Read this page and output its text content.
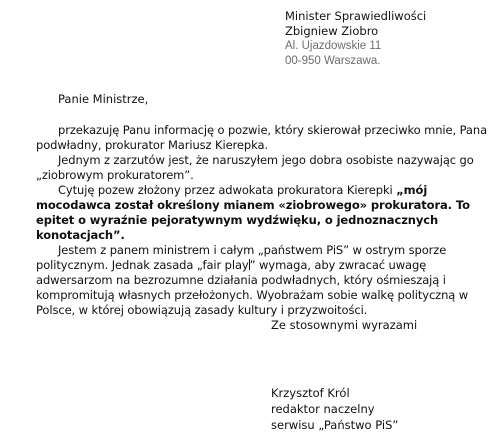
Minister Sprawiedliwości
Zbigniew Ziobro
Al. Ujazdowskie 11
00-950 Warszawa.
Panie Ministrze,

przekazuję Panu informację o pozwie, który skierował przeciwko mnie, Pana podwładny, prokurator Mariusz Kierepka.

Jednym z zarzutów jest, że naruszyłem jego dobra osobiste nazywając go „ziobrowym prokuratorem”.

Cytuję pozew złożony przez adwokata prokuratora Kierepki „mój mocodawca został określony mianem «ziobrowego» prokuratora. To epitet o wyraźnie pejoratywnym wydźwięku, o jednoznacznych konotacjach”.

Jestem z panem ministrem i całym „państwem PiS” w ostrym sporze politycznym. Jednak zasada „fair play” wymaga, aby zwracać uwagę adwersarzom na bezrozumne działania podwładnych, który ośmieszają i kompromitują własnych przełożonych. Wyobrażam sobie walkę polityczną w Polsce, w której obowiązują zasady kultury i przyzwoitości.

Ze stosownymi wyrazami
Krzysztof Król
redaktor naczelny
serwisu „Państwo PiS”
